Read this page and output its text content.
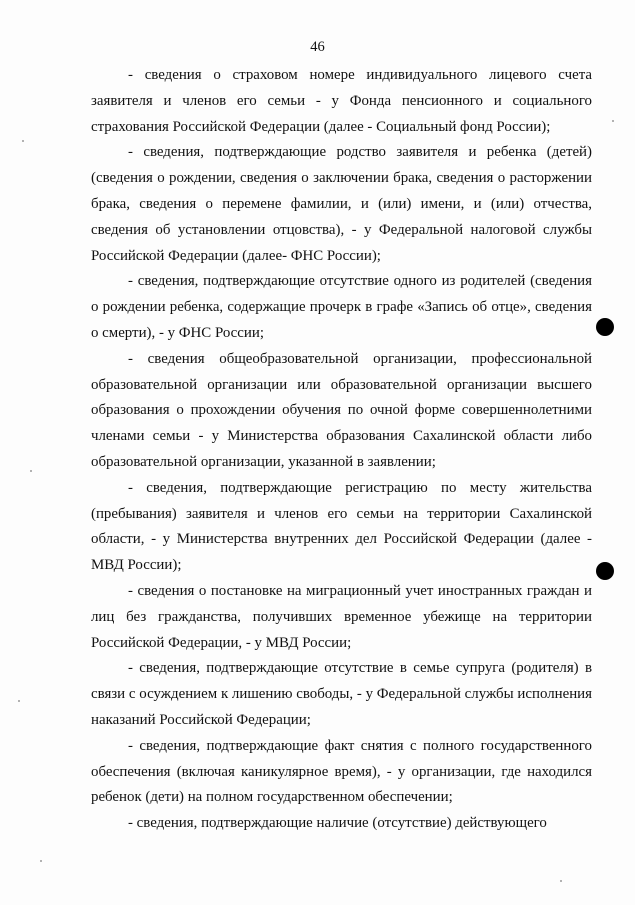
46

- сведения о страховом номере индивидуального лицевого счета заявителя и членов его семьи - у Фонда пенсионного и социального страхования Российской Федерации (далее - Социальный фонд России);

- сведения, подтверждающие родство заявителя и ребенка (детей) (сведения о рождении, сведения о заключении брака, сведения о расторжении брака, сведения о перемене фамилии, и (или) имени, и (или) отчества, сведения об установлении отцовства), - у Федеральной налоговой службы Российской Федерации (далее- ФНС России);

- сведения, подтверждающие отсутствие одного из родителей (сведения о рождении ребенка, содержащие прочерк в графе «Запись об отце», сведения о смерти), - у ФНС России;

- сведения общеобразовательной организации, профессиональной образовательной организации или образовательной организации высшего образования о прохождении обучения по очной форме совершеннолетними членами семьи - у Министерства образования Сахалинской области либо образовательной организации, указанной в заявлении;

- сведения, подтверждающие регистрацию по месту жительства (пребывания) заявителя и членов его семьи на территории Сахалинской области, - у Министерства внутренних дел Российской Федерации (далее - МВД России);

- сведения о постановке на миграционный учет иностранных граждан и лиц без гражданства, получивших временное убежище на территории Российской Федерации, - у МВД России;

- сведения, подтверждающие отсутствие в семье супруга (родителя) в связи с осуждением к лишению свободы, - у Федеральной службы исполнения наказаний Российской Федерации;

- сведения, подтверждающие факт снятия с полного государственного обеспечения (включая каникулярное время), - у организации, где находился ребенок (дети) на полном государственном обеспечении;

- сведения, подтверждающие наличие (отсутствие) действующего
